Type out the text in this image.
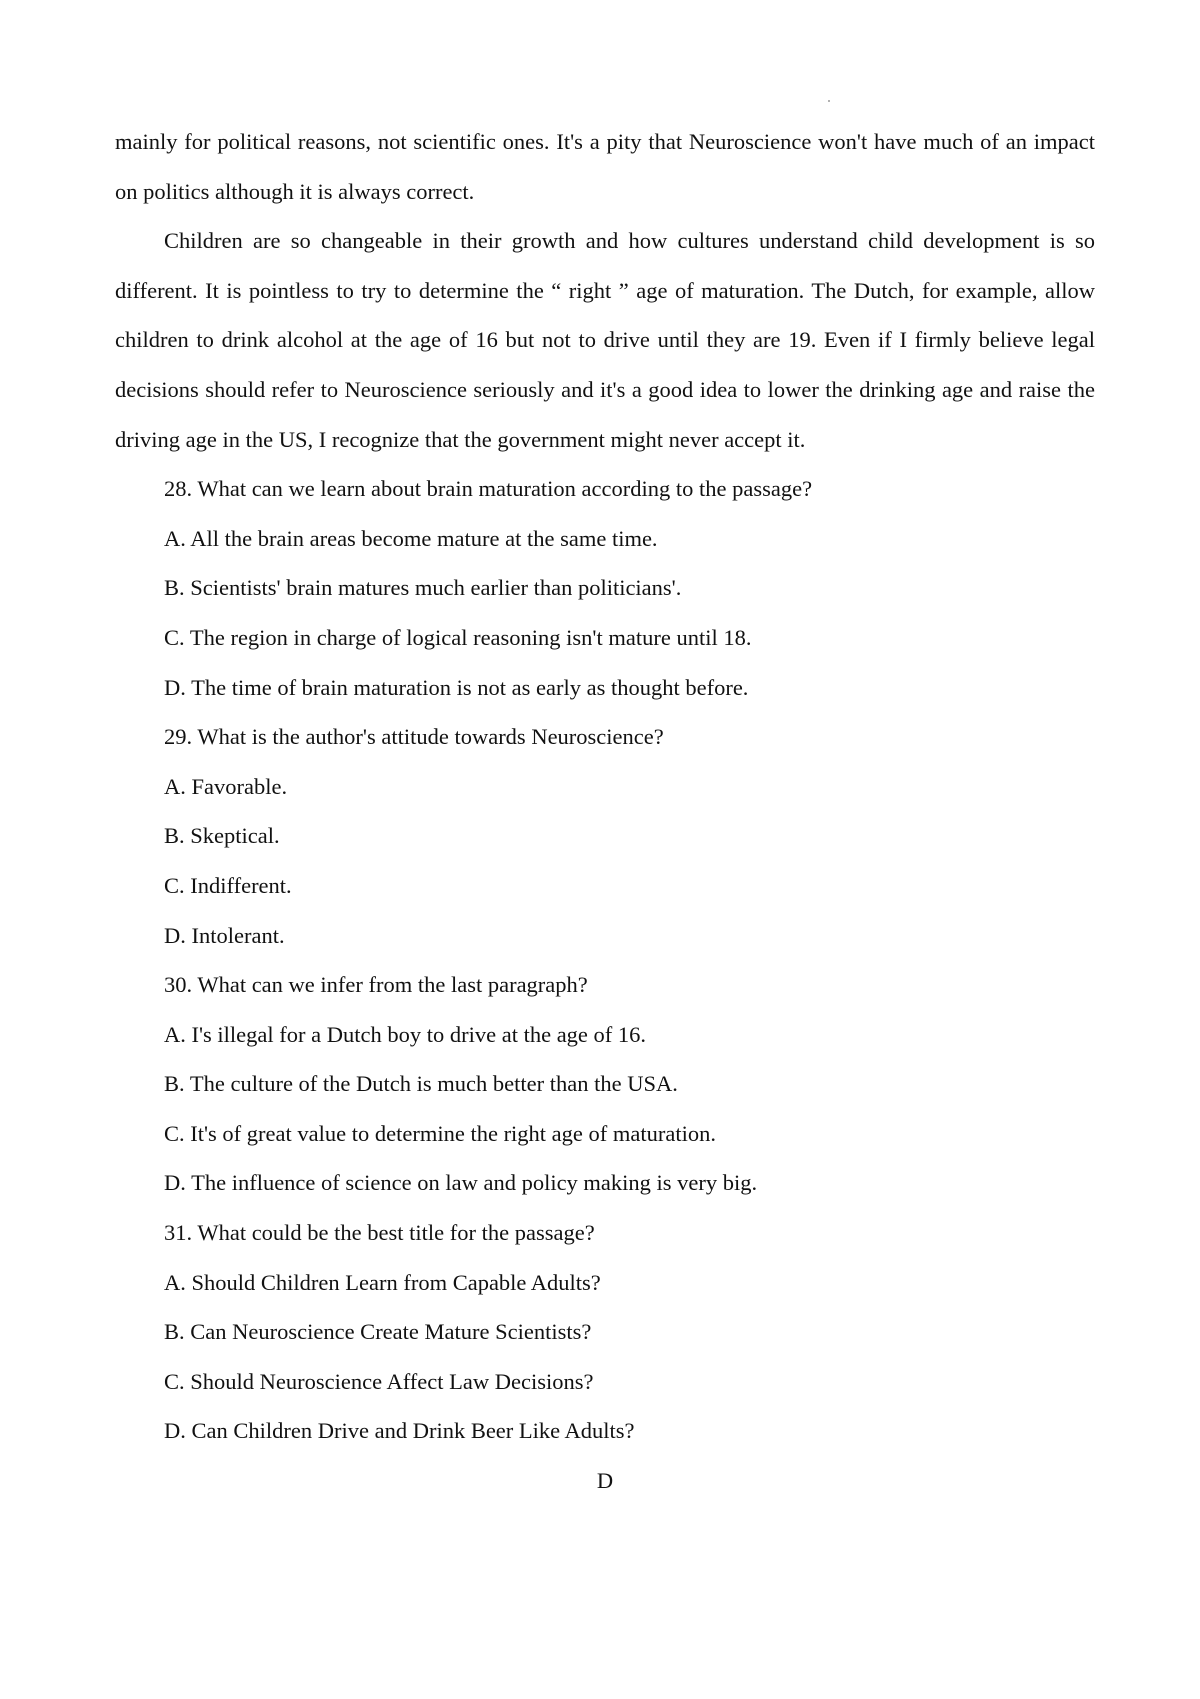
mainly for political reasons, not scientific ones. It's a pity that Neuroscience won't have much of an impact on politics although it is always correct.

Children are so changeable in their growth and how cultures understand child development is so different. It is pointless to try to determine the “ right ” age of maturation. The Dutch, for example, allow children to drink alcohol at the age of 16 but not to drive until they are 19. Even if I firmly believe legal decisions should refer to Neuroscience seriously and it's a good idea to lower the drinking age and raise the driving age in the US, I recognize that the government might never accept it.

28. What can we learn about brain maturation according to the passage?

A. All the brain areas become mature at the same time.

B. Scientists' brain matures much earlier than politicians'.

C. The region in charge of logical reasoning isn't mature until 18.

D. The time of brain maturation is not as early as thought before.

29. What is the author's attitude towards Neuroscience?

A. Favorable.

B. Skeptical.

C. Indifferent.

D. Intolerant.

30. What can we infer from the last paragraph?

A. I's illegal for a Dutch boy to drive at the age of 16.

B. The culture of the Dutch is much better than the USA.

C. It's of great value to determine the right age of maturation.

D. The influence of science on law and policy making is very big.

31. What could be the best title for the passage?

A. Should Children Learn from Capable Adults?

B. Can Neuroscience Create Mature Scientists?

C. Should Neuroscience Affect Law Decisions?

D. Can Children Drive and Drink Beer Like Adults?

D
